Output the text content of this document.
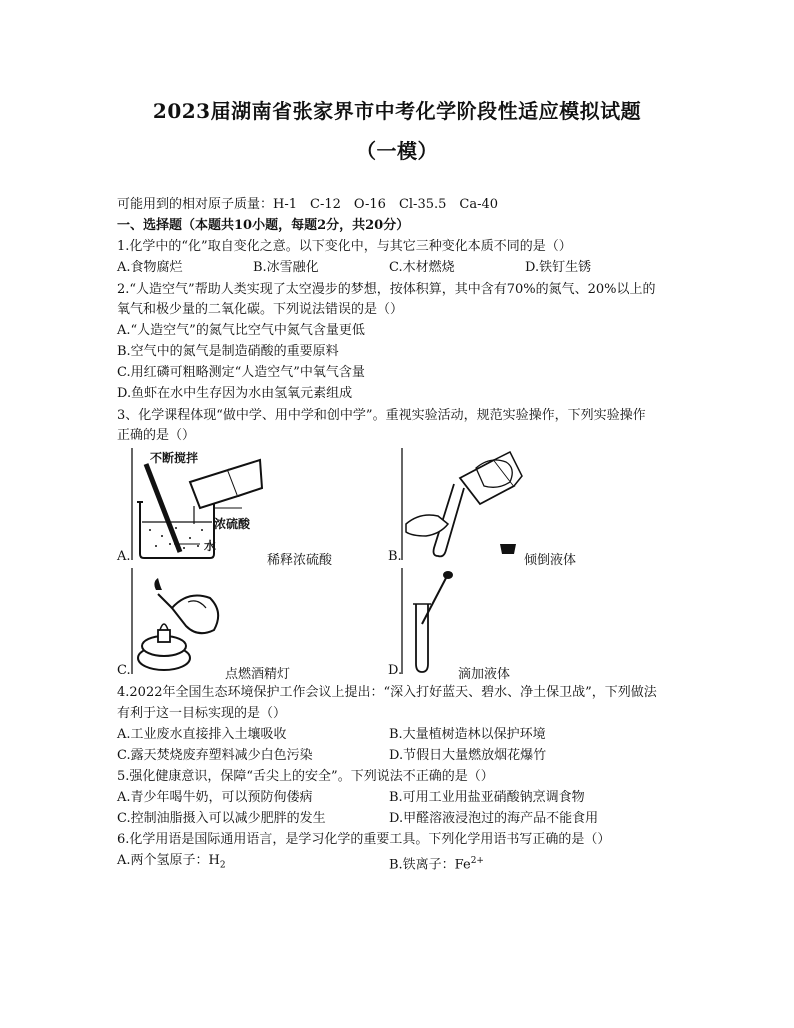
2023届湖南省张家界市中考化学阶段性适应模拟试题
（一模）
可能用到的相对原子质量：H-1　C-12　O-16　Cl-35.5　Ca-40
一、选择题（本题共10小题，每题2分，共20分）
1.化学中的“化”取自变化之意。以下变化中，与其它三种变化本质不同的是（）
A.食物腐烂	B.冰雪融化	C.木材燃烧	D.铁钉生锈
2.“人造空气”帮助人类实现了太空漫步的梦想，按体积算，其中含有70%的氮气、20%以上的
氧气和极少量的二氧化碳。下列说法错误的是（）
A.“人造空气”的氮气比空气中氮气含量更低
B.空气中的氮气是制造硝酸的重要原料
C.用红磷可粗略测定“人造空气”中氧气含量
D.鱼虾在水中生存因为水由氢氧元素组成
3、化学课程体现“做中学、用中学和创中学”。重视实验活动，规范实验操作，下列实验操作
正确的是（）
不断搅拌
浓硫酸
水
A.	稀释浓硫酸	B.	倾倒液体
C.	点燃酒精灯	D.	滴加液体
4.2022年全国生态环境保护工作会议上提出：“深入打好蓝天、碧水、净土保卫战”，下列做法
有利于这一目标实现的是（）
A.工业废水直接排入土壤吸收	B.大量植树造林以保护环境
C.露天焚烧废弃塑料减少白色污染	D.节假日大量燃放烟花爆竹
5.强化健康意识，保障“舌尖上的安全”。下列说法不正确的是（）
A.青少年喝牛奶，可以预防佝偻病	B.可用工业用盐亚硝酸钠烹调食物
C.控制油脂摄入可以减少肥胖的发生	D.甲醛溶液浸泡过的海产品不能食用
6.化学用语是国际通用语言，是学习化学的重要工具。下列化学用语书写正确的是（）
A.两个氢原子：$H_2$	B.铁离子：$Fe^{2+}$
